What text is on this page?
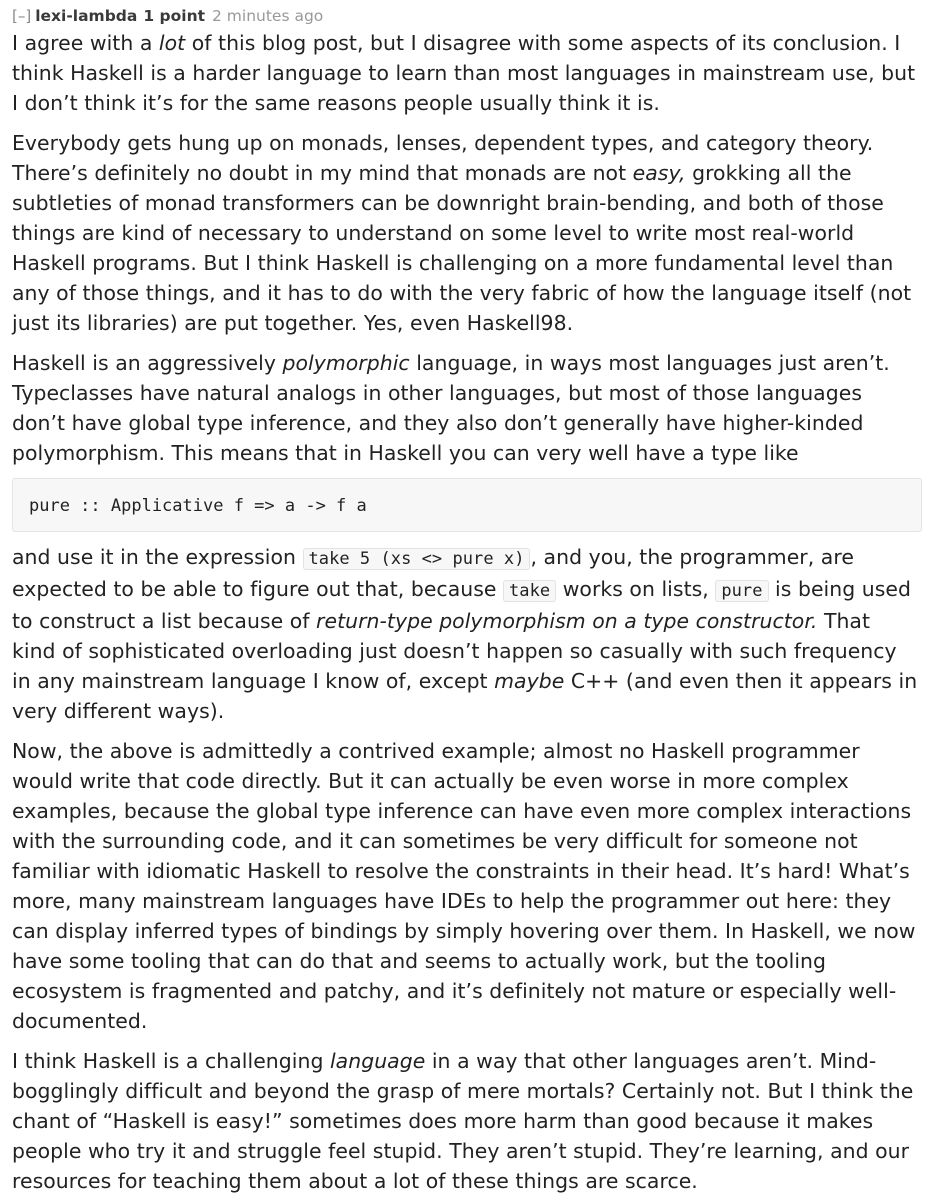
[–] lexi-lambda 1 point 2 minutes ago

I agree with a lot of this blog post, but I disagree with some aspects of its conclusion. I think Haskell is a harder language to learn than most languages in mainstream use, but I don’t think it’s for the same reasons people usually think it is.

Everybody gets hung up on monads, lenses, dependent types, and category theory. There’s definitely no doubt in my mind that monads are not easy, grokking all the subtleties of monad transformers can be downright brain-bending, and both of those things are kind of necessary to understand on some level to write most real-world Haskell programs. But I think Haskell is challenging on a more fundamental level than any of those things, and it has to do with the very fabric of how the language itself (not just its libraries) are put together. Yes, even Haskell98.

Haskell is an aggressively polymorphic language, in ways most languages just aren’t. Typeclasses have natural analogs in other languages, but most of those languages don’t have global type inference, and they also don’t generally have higher-kinded polymorphism. This means that in Haskell you can very well have a type like

pure :: Applicative f => a -> f a

and use it in the expression take 5 (xs <> pure x) , and you, the programmer, are expected to be able to figure out that, because take works on lists, pure is being used to construct a list because of return-type polymorphism on a type constructor. That kind of sophisticated overloading just doesn’t happen so casually with such frequency in any mainstream language I know of, except maybe C++ (and even then it appears in very different ways).

Now, the above is admittedly a contrived example; almost no Haskell programmer would write that code directly. But it can actually be even worse in more complex examples, because the global type inference can have even more complex interactions with the surrounding code, and it can sometimes be very difficult for someone not familiar with idiomatic Haskell to resolve the constraints in their head. It’s hard! What’s more, many mainstream languages have IDEs to help the programmer out here: they can display inferred types of bindings by simply hovering over them. In Haskell, we now have some tooling that can do that and seems to actually work, but the tooling ecosystem is fragmented and patchy, and it’s definitely not mature or especially well-documented.

I think Haskell is a challenging language in a way that other languages aren’t. Mind-bogglingly difficult and beyond the grasp of mere mortals? Certainly not. But I think the chant of “Haskell is easy!” sometimes does more harm than good because it makes people who try it and struggle feel stupid. They aren’t stupid. They’re learning, and our resources for teaching them about a lot of these things are scarce.
